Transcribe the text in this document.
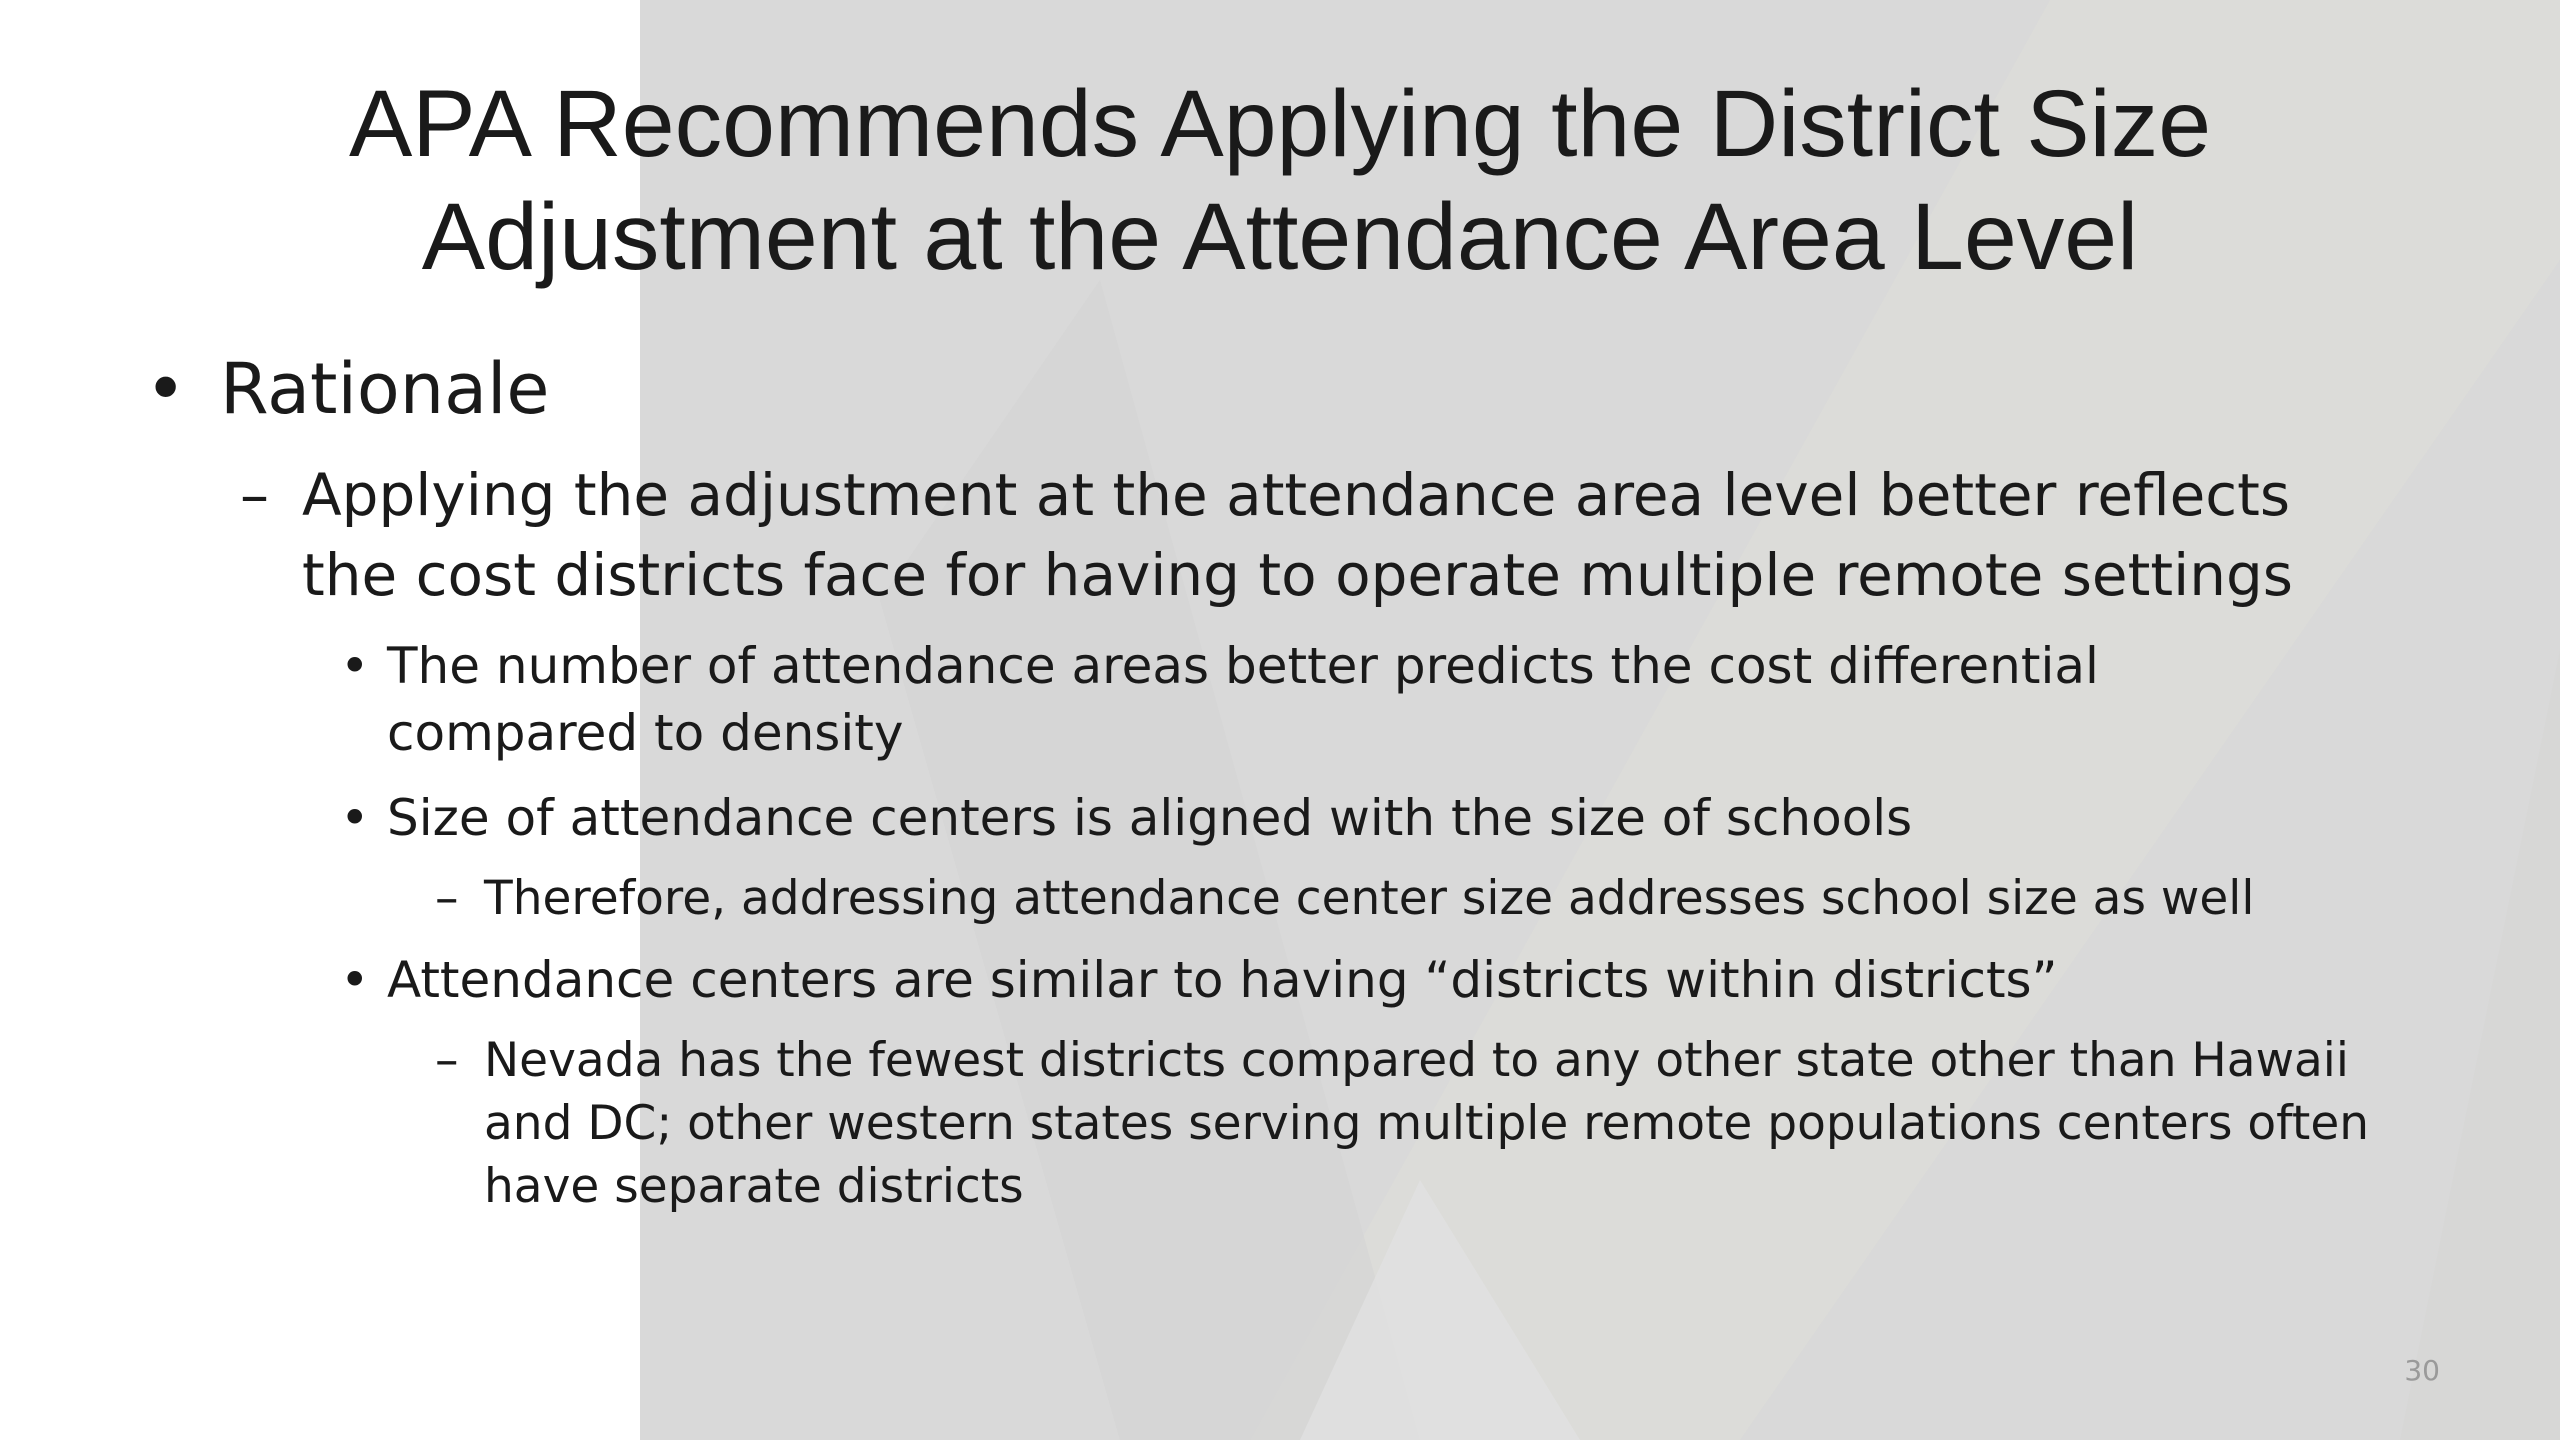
APA Recommends Applying the District Size
Adjustment at the Attendance Area Level
• Rationale
– Applying the adjustment at the attendance area level better reflects the cost districts face for having to operate multiple remote settings
• The number of attendance areas better predicts the cost differential compared to density
• Size of attendance centers is aligned with the size of schools
– Therefore, addressing attendance center size addresses school size as well
• Attendance centers are similar to having “districts within districts”
– Nevada has the fewest districts compared to any other state other than Hawaii and DC; other western states serving multiple remote populations centers often have separate districts
30
